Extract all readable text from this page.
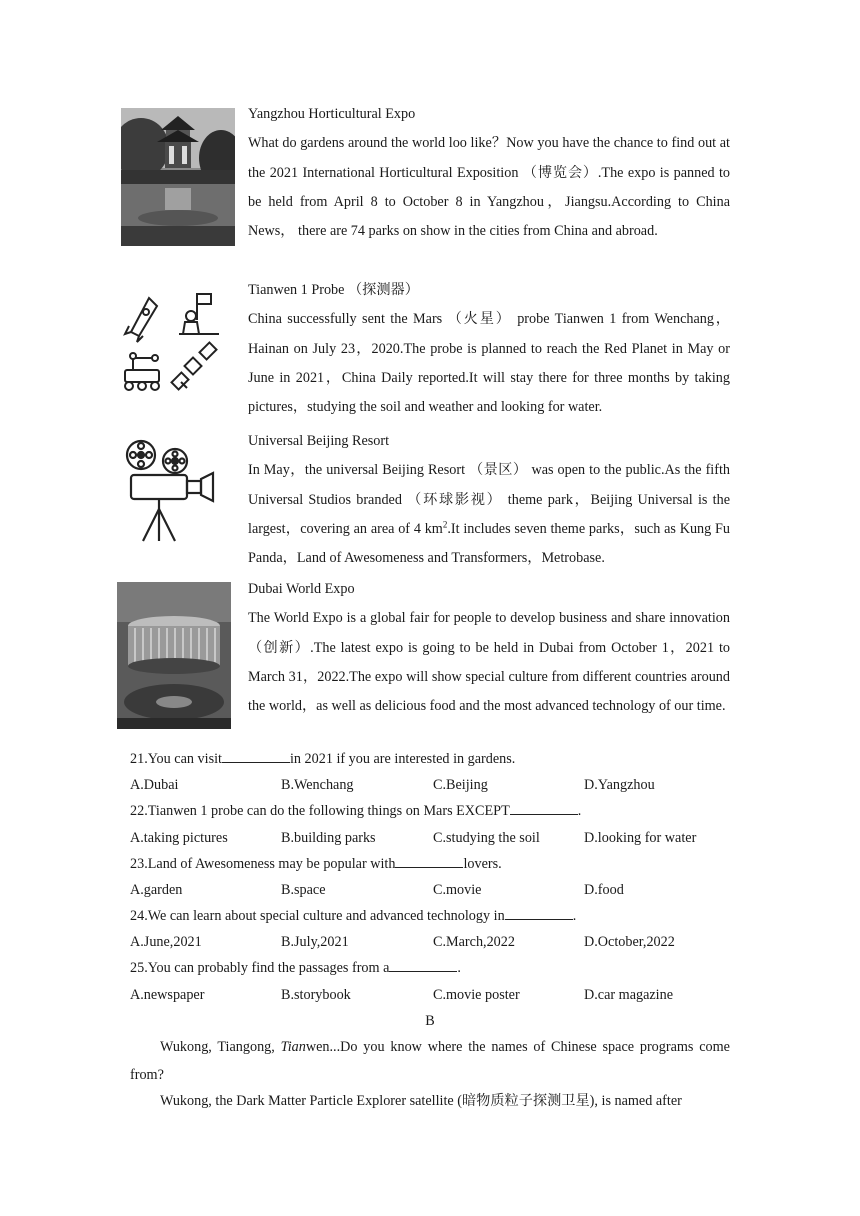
Yangzhou Horticultural Expo

What do gardens around the world loo like？Now you have the chance to find out at the 2021 International Horticultural Exposition （博览会）.The expo is panned to be held from April 8 to October 8 in Yangzhou，Jiangsu.According to China News， there are 74 parks on show in the cities from China and abroad.

Tianwen 1 Probe （探测器）

China successfully sent the Mars （火星） probe Tianwen 1 from Wenchang，Hainan on July 23，2020.The probe is planned to reach the Red Planet in May or June in 2021，China Daily reported.It will stay there for three months by taking pictures，studying the soil and weather and looking for water.

Universal Beijing Resort

In May，the universal Beijing Resort （景区） was open to the public.As the fifth Universal Studios branded （环球影视） theme park，Beijing Universal is the largest，covering an area of 4 $km^2.It$ includes seven theme parks，such as Kung Fu Panda，Land of Awesomeness and Transformers，Metrobase.

Dubai World Expo

The World Expo is a global fair for people to develop business and share innovation （创新）.The latest expo is going to be held in Dubai from October 1，2021 to March 31，2022.The expo will show special culture from different countries around the world，as well as delicious food and the most advanced technology of our time.

21.You can visit	in 2021 if you are interested in gardens.
A.Dubai	B.Wenchang	C.Beijing	D.Yangzhou
22.Tianwen 1 probe can do the following things on Mars EXCEPT	.
A.taking pictures	B.building parks	C.studying the soil	D.looking for water
23.Land of Awesomeness may be popular with	lovers.
A.garden	B.space	C.movie	D.food
24.We can learn about special culture and advanced technology in	.
A.June,2021	B.July,2021	C.March,2022	D.October,2022
25.You can probably find the passages from a	.
A.newspaper	B.storybook	C.movie poster	D.car magazine
B
Wukong, Tiangong, Tianwen...Do you know where the names of Chinese space programs come from?
Wukong, the Dark Matter Particle Explorer satellite (暗物质粒子探测卫星), is named after
